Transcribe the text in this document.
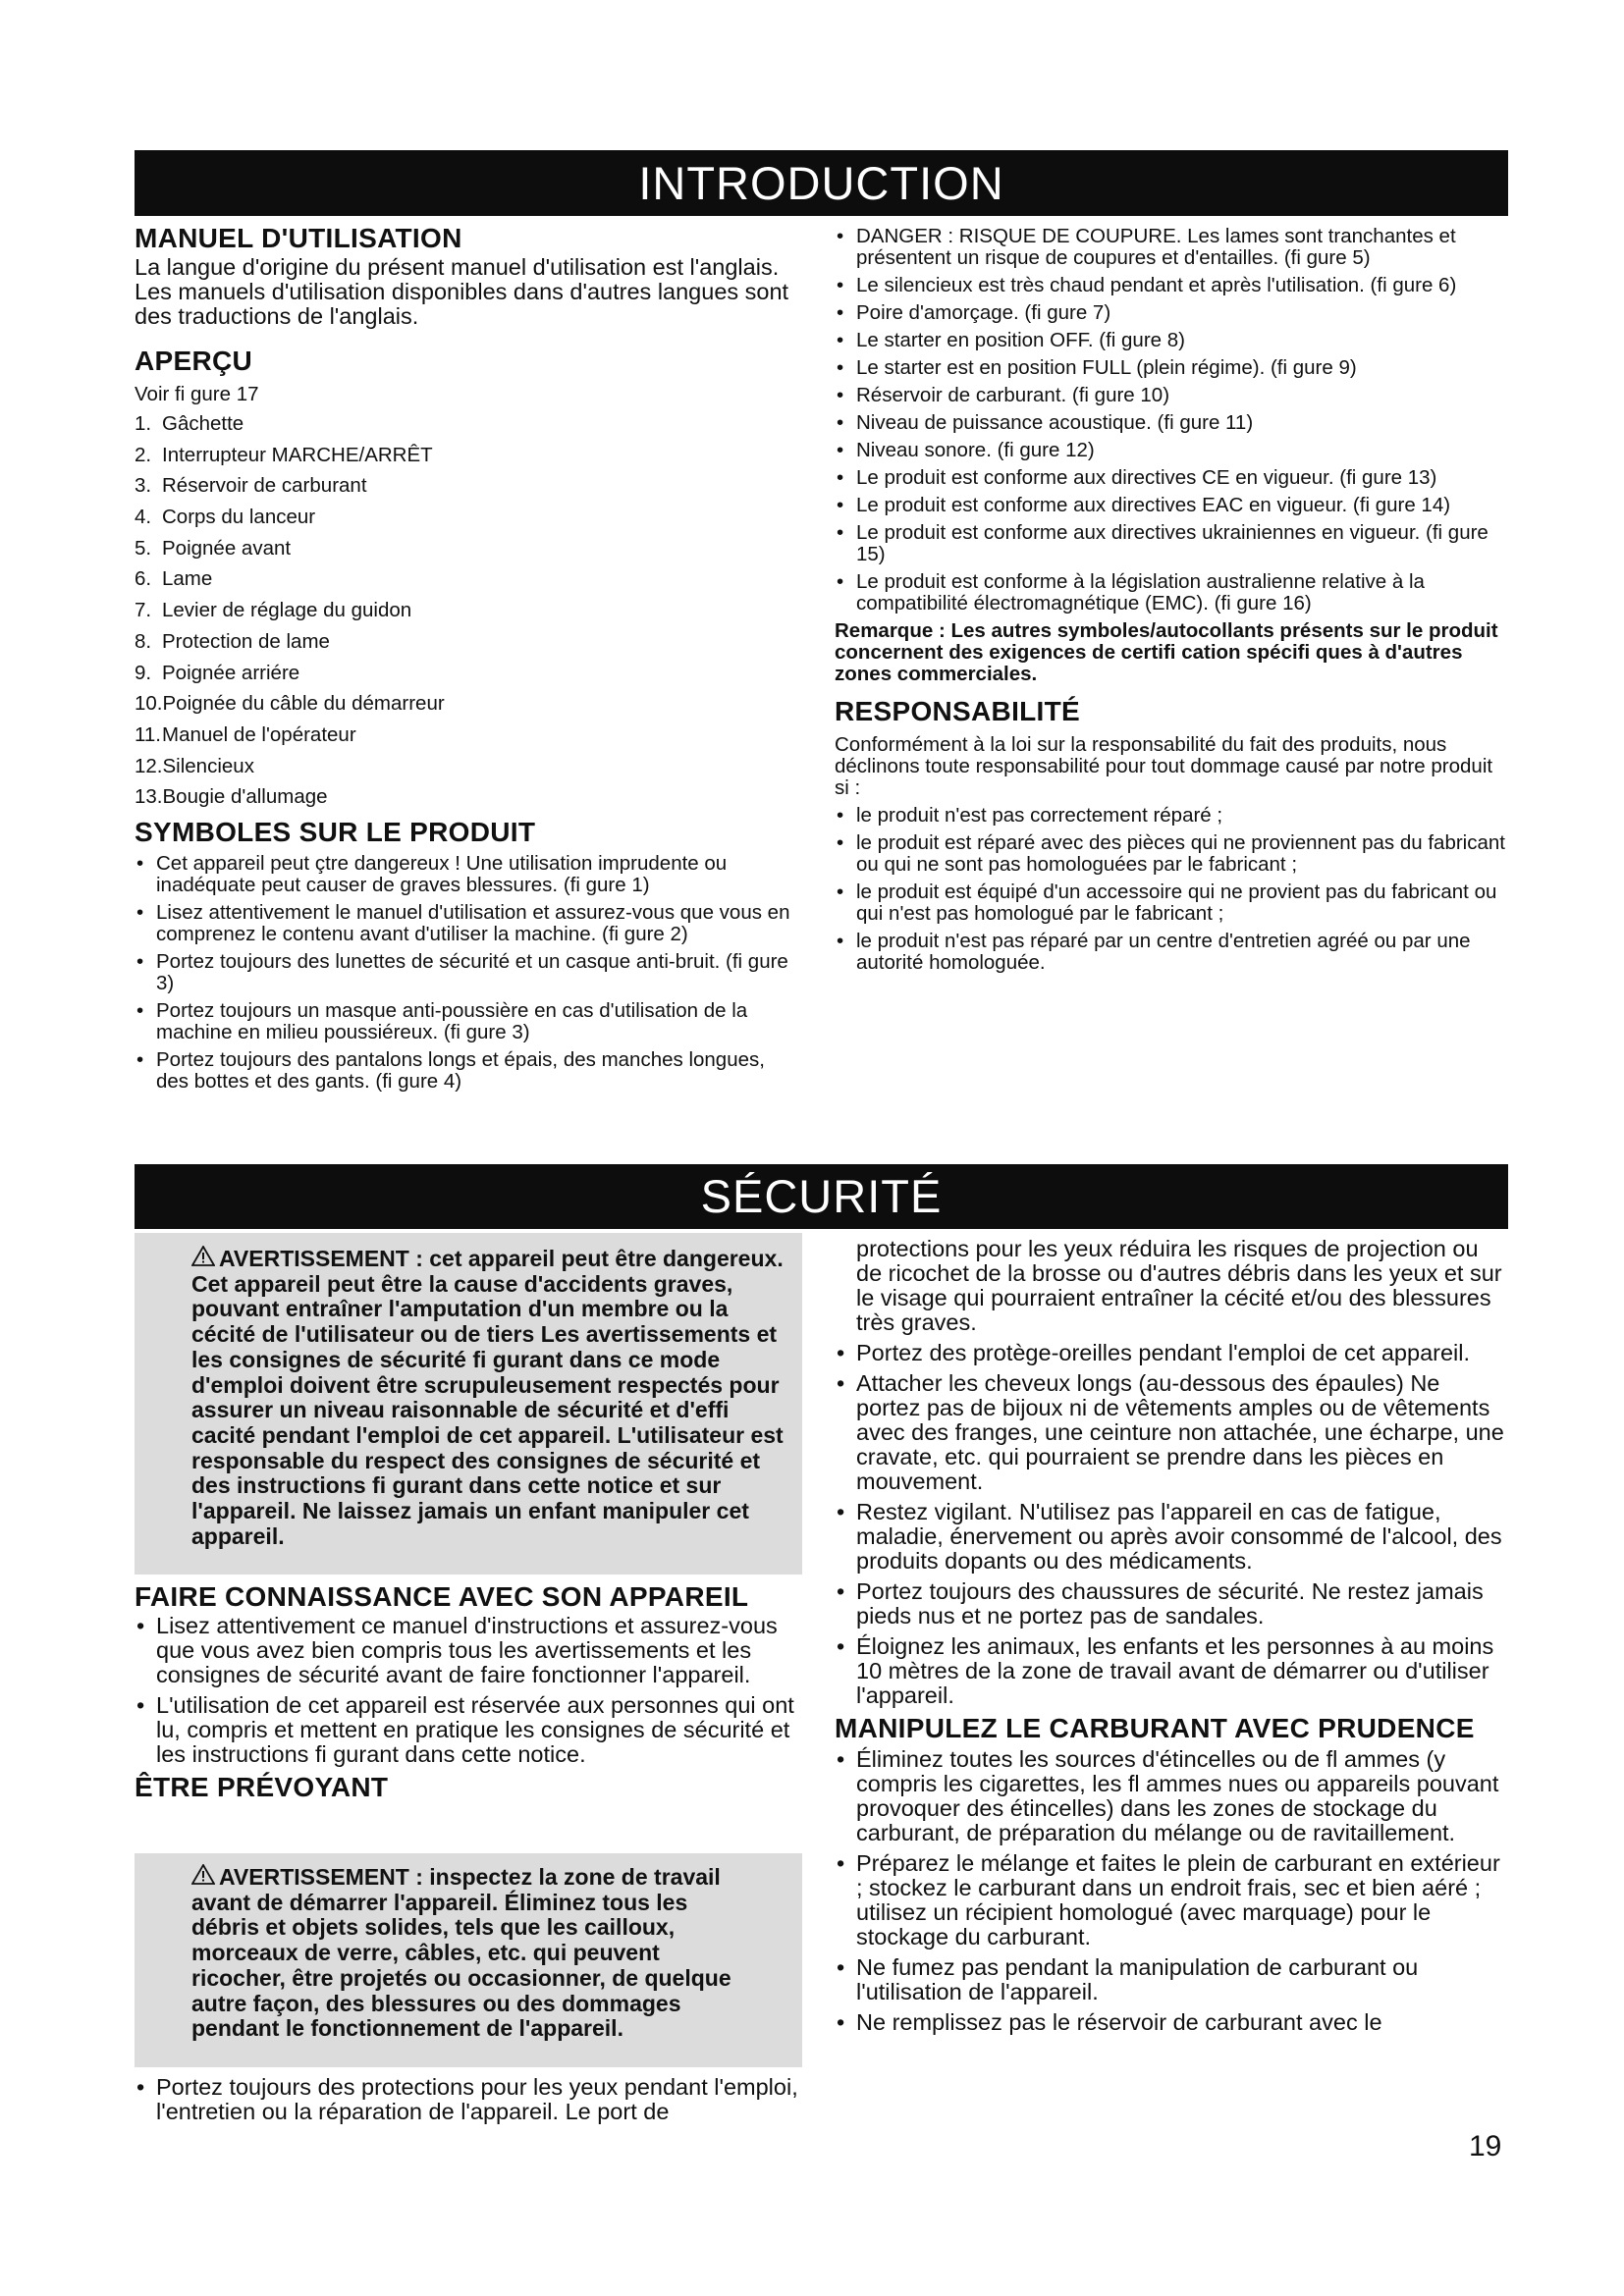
INTRODUCTION
MANUEL D'UTILISATION

La langue d'origine du présent manuel d'utilisation est l'anglais. Les manuels d'utilisation disponibles dans d'autres langues sont des traductions de l'anglais.

APERÇU

Voir fi gure 17

1. Gâchette
2. Interrupteur MARCHE/ARRÊT
3. Réservoir de carburant
4. Corps du lanceur
5. Poignée avant
6. Lame
7. Levier de réglage du guidon
8. Protection de lame
9. Poignée arriére
10.Poignée du câble du démarreur
11.Manuel de l'opérateur
12.Silencieux
13.Bougie d'allumage
SYMBOLES SUR LE PRODUIT
• Cet appareil peut çtre dangereux ! Une utilisation imprudente ou inadéquate peut causer de graves blessures. (fi gure 1)
• Lisez attentivement le manuel d'utilisation et assurez-vous que vous en comprenez le contenu avant d'utiliser la machine. (fi gure 2)
• Portez toujours des lunettes de sécurité et un casque anti-bruit. (fi gure 3)
• Portez toujours un masque anti-poussière en cas d'utilisation de la machine en milieu poussiéreux. (fi gure 3)
• Portez toujours des pantalons longs et épais, des manches longues, des bottes et des gants. (fi gure 4)
• DANGER : RISQUE DE COUPURE. Les lames sont tranchantes et présentent un risque de coupures et d'entailles. (fi gure 5)
• Le silencieux est très chaud pendant et après l'utilisation. (fi gure 6)
• Poire d'amorçage. (fi gure 7)
• Le starter en position OFF. (fi gure 8)
• Le starter est en position FULL (plein régime). (fi gure 9)
• Réservoir de carburant. (fi gure 10)
• Niveau de puissance acoustique. (fi gure 11)
• Niveau sonore. (fi gure 12)
• Le produit est conforme aux directives CE en vigueur. (fi gure 13)
• Le produit est conforme aux directives EAC en vigueur. (fi gure 14)
• Le produit est conforme aux directives ukrainiennes en vigueur. (fi gure 15)
• Le produit est conforme à la législation australienne relative à la compatibilité électromagnétique (EMC). (fi gure 16)

Remarque : Les autres symboles/autocollants présents sur le produit concernent des exigences de certifi cation spécifi ques à d'autres zones commerciales.

RESPONSABILITÉ

Conformément à la loi sur la responsabilité du fait des produits, nous déclinons toute responsabilité pour tout dommage causé par notre produit si :

• le produit n'est pas correctement réparé ;
• le produit est réparé avec des pièces qui ne proviennent pas du fabricant ou qui ne sont pas homologuées par le fabricant ;
• le produit est équipé d'un accessoire qui ne provient pas du fabricant ou qui n'est pas homologué par le fabricant ;
• le produit n'est pas réparé par un centre d'entretien agréé ou par une autorité homologuée.
SÉCURITÉ
AVERTISSEMENT : cet appareil peut être dangereux. Cet appareil peut être la cause d'accidents graves, pouvant entraîner l'amputation d'un membre ou la cécité de l'utilisateur ou de tiers Les avertissements et les consignes de sécurité fi gurant dans ce mode d'emploi doivent être scrupuleusement respectés pour assurer un niveau raisonnable de sécurité et d'effi cacité pendant l'emploi de cet appareil. L'utilisateur est responsable du respect des consignes de sécurité et des instructions fi gurant dans cette notice et sur l'appareil. Ne laissez jamais un enfant manipuler cet appareil.
FAIRE CONNAISSANCE AVEC SON APPAREIL
• Lisez attentivement ce manuel d'instructions et assurez-vous que vous avez bien compris tous les avertissements et les consignes de sécurité avant de faire fonctionner l'appareil.
• L'utilisation de cet appareil est réservée aux personnes qui ont lu, compris et mettent en pratique les consignes de sécurité et les instructions fi gurant dans cette notice.
ÊTRE PRÉVOYANT
AVERTISSEMENT : inspectez la zone de travail avant de démarrer l'appareil. Éliminez tous les débris et objets solides, tels que les cailloux, morceaux de verre, câbles, etc. qui peuvent ricocher, être projetés ou occasionner, de quelque autre façon, des blessures ou des dommages pendant le fonctionnement de l'appareil.
• Portez toujours des protections pour les yeux pendant l'emploi, l'entretien ou la réparation de l'appareil. Le port de

protections pour les yeux réduira les risques de projection ou de ricochet de la brosse ou d'autres débris dans les yeux et sur le visage qui pourraient entraîner la cécité et/ou des blessures très graves.

• Portez des protège-oreilles pendant l'emploi de cet appareil.
• Attacher les cheveux longs (au-dessous des épaules) Ne portez pas de bijoux ni de vêtements amples ou de vêtements avec des franges, une ceinture non attachée, une écharpe, une cravate, etc. qui pourraient se prendre dans les pièces en mouvement.
• Restez vigilant. N'utilisez pas l'appareil en cas de fatigue, maladie, énervement ou après avoir consommé de l'alcool, des produits dopants ou des médicaments.
• Portez toujours des chaussures de sécurité. Ne restez jamais pieds nus et ne portez pas de sandales.
• Éloignez les animaux, les enfants et les personnes à au moins 10 mètres de la zone de travail avant de démarrer ou d'utiliser l'appareil.
MANIPULEZ LE CARBURANT AVEC PRUDENCE
• Éliminez toutes les sources d'étincelles ou de fl ammes (y compris les cigarettes, les fl ammes nues ou appareils pouvant provoquer des étincelles) dans les zones de stockage du carburant, de préparation du mélange ou de ravitaillement.
• Préparez le mélange et faites le plein de carburant en extérieur ; stockez le carburant dans un endroit frais, sec et bien aéré ; utilisez un récipient homologué (avec marquage) pour le stockage du carburant.
• Ne fumez pas pendant la manipulation de carburant ou l'utilisation de l'appareil.
• Ne remplissez pas le réservoir de carburant avec le
19
